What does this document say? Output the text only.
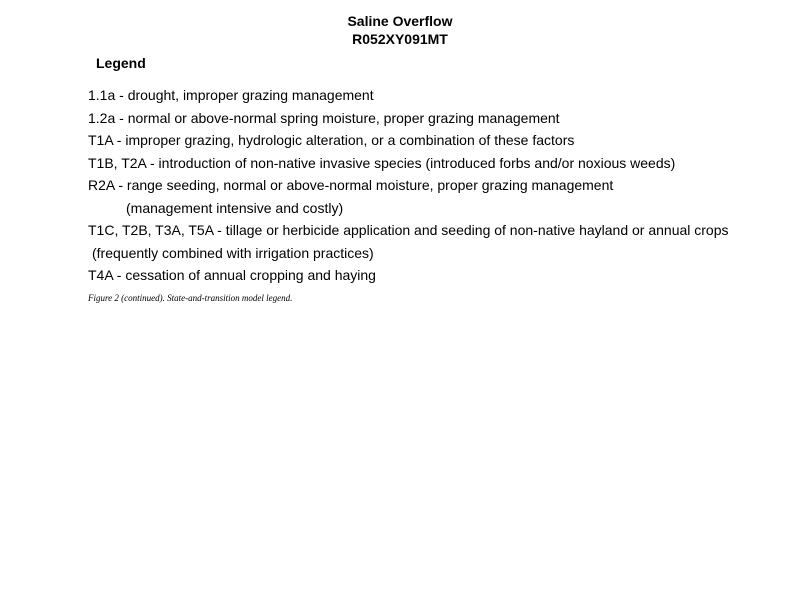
Saline Overflow
R052XY091MT
Legend
1.1a - drought, improper grazing management
1.2a - normal or above-normal spring moisture, proper grazing management
T1A - improper grazing, hydrologic alteration, or a combination of these factors
T1B, T2A - introduction of non-native invasive species (introduced forbs and/or noxious weeds)
R2A - range seeding, normal or above-normal moisture, proper grazing management
(management intensive and costly)
T1C, T2B, T3A, T5A - tillage or herbicide application and seeding of non-native hayland or annual crops
(frequently combined with irrigation practices)
T4A - cessation of annual cropping and haying
Figure 2 (continued). State-and-transition model legend.
